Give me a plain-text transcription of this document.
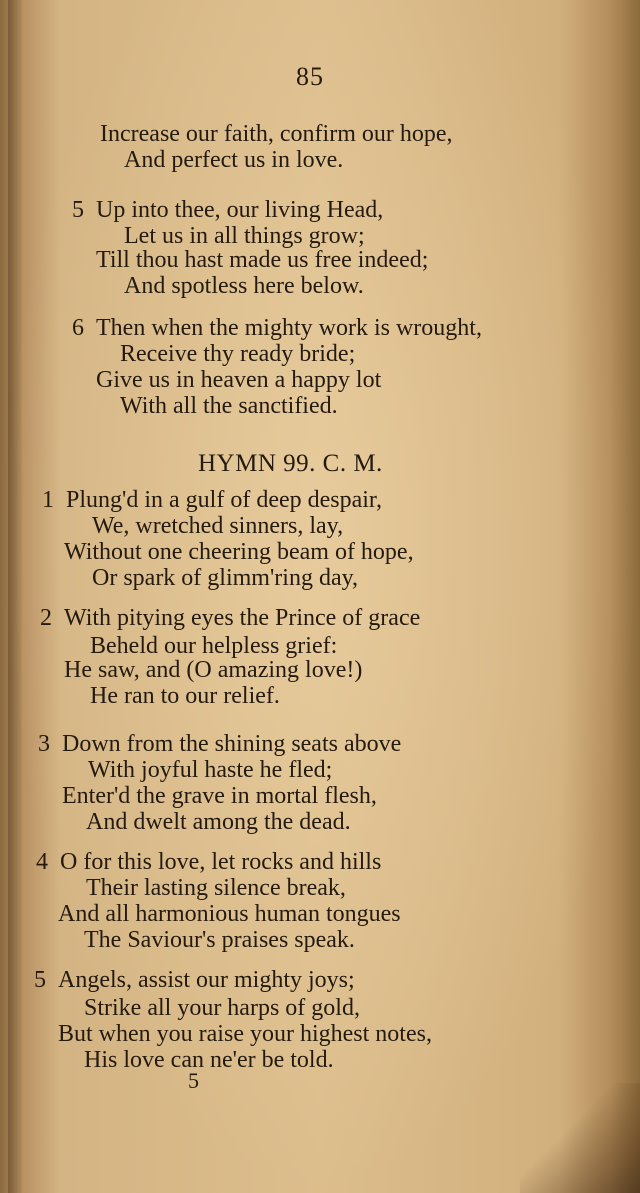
85
Increase our faith, confirm our hope,
And perfect us in love.
5 Up into thee, our living Head,
Let us in all things grow;
Till thou hast made us free indeed;
And spotless here below.
6 Then when the mighty work is wrought,
Receive thy ready bride;
Give us in heaven a happy lot
With all the sanctified.
HYMN 99. C. M.
1 Plung'd in a gulf of deep despair,
We, wretched sinners, lay,
Without one cheering beam of hope,
Or spark of glimm'ring day,
2 With pitying eyes the Prince of grace
Beheld our helpless grief:
He saw, and (O amazing love!)
He ran to our relief.
3 Down from the shining seats above
With joyful haste he fled;
Enter'd the grave in mortal flesh,
And dwelt among the dead.
4 O for this love, let rocks and hills
Their lasting silence break,
And all harmonious human tongues
The Saviour's praises speak.
5 Angels, assist our mighty joys;
Strike all your harps of gold,
But when you raise your highest notes,
His love can ne'er be told.
5
